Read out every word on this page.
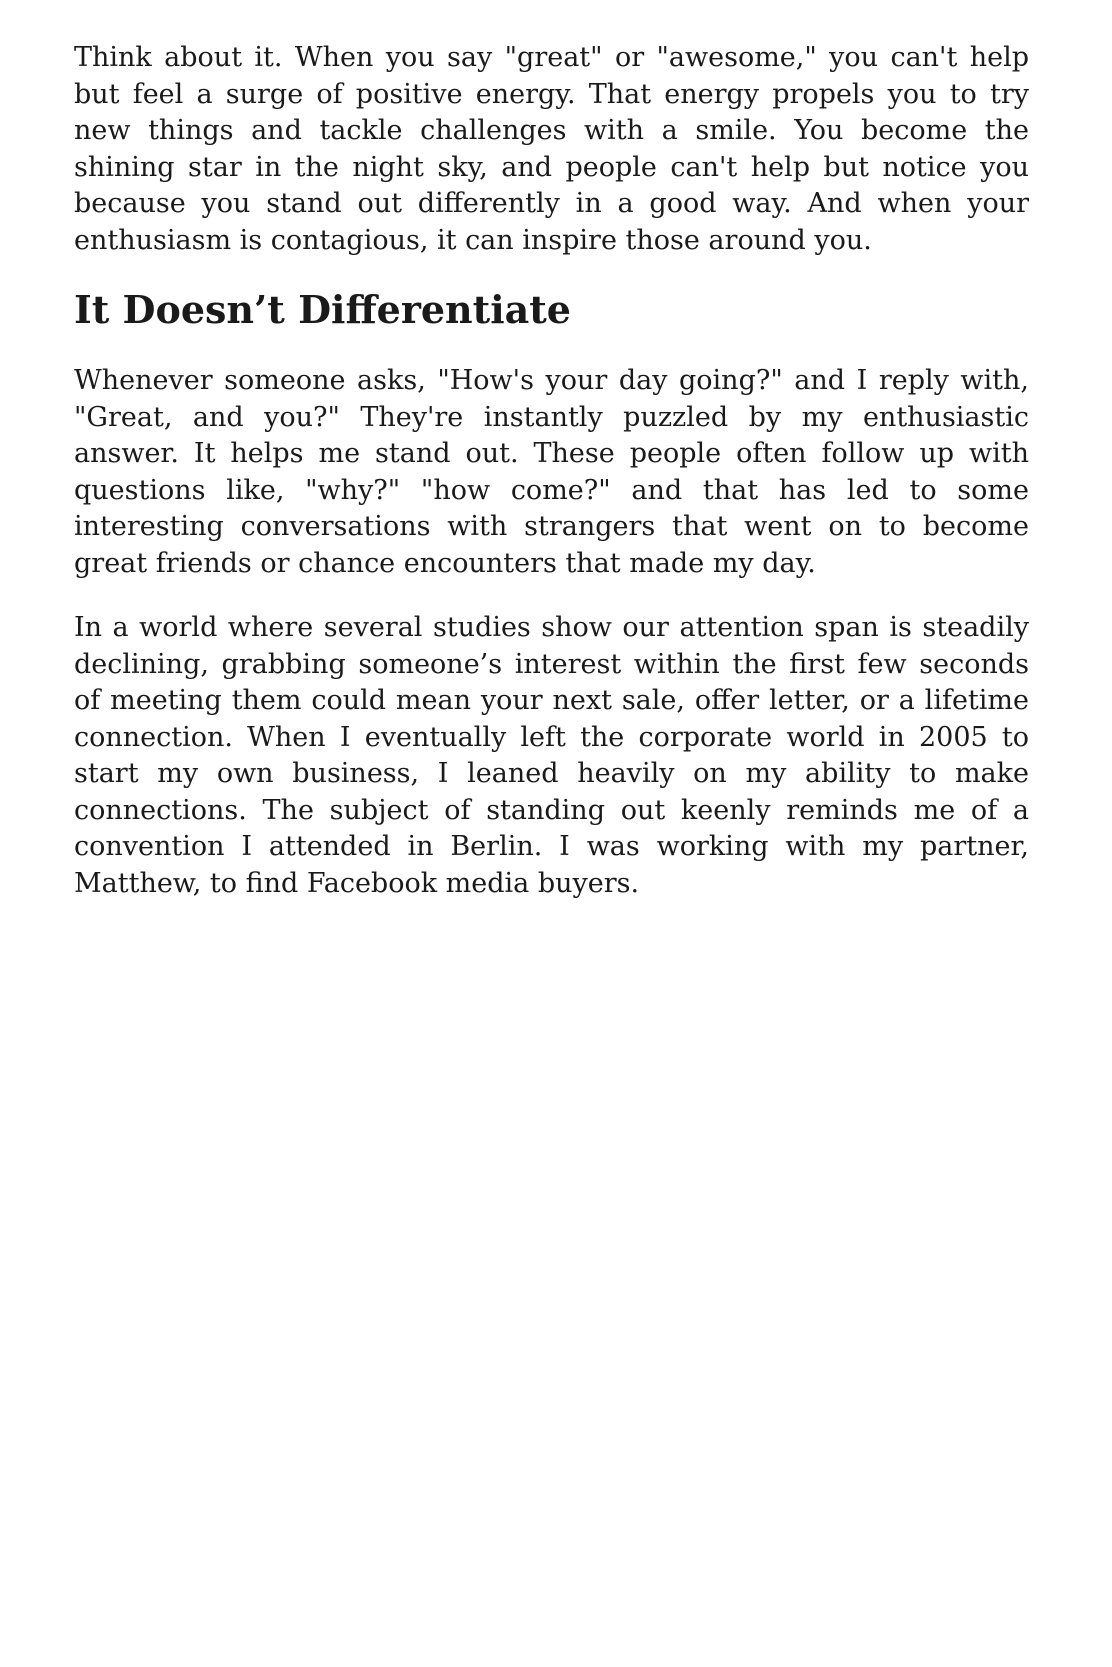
Think about it. When you say "great" or "awesome," you can't help but feel a surge of positive energy. That energy propels you to try new things and tackle challenges with a smile. You become the shining star in the night sky, and people can't help but notice you because you stand out differently in a good way. And when your enthusiasm is contagious, it can inspire those around you.

It Doesn’t Differentiate

Whenever someone asks, "How's your day going?" and I reply with, "Great, and you?" They're instantly puzzled by my enthusiastic answer. It helps me stand out. These people often follow up with questions like, "why?" "how come?" and that has led to some interesting conversations with strangers that went on to become great friends or chance encounters that made my day.

In a world where several studies show our attention span is steadily declining, grabbing someone’s interest within the first few seconds of meeting them could mean your next sale, offer letter, or a lifetime connection. When I eventually left the corporate world in 2005 to start my own business, I leaned heavily on my ability to make connections. The subject of standing out keenly reminds me of a convention I attended in Berlin. I was working with my partner, Matthew, to find Facebook media buyers.
